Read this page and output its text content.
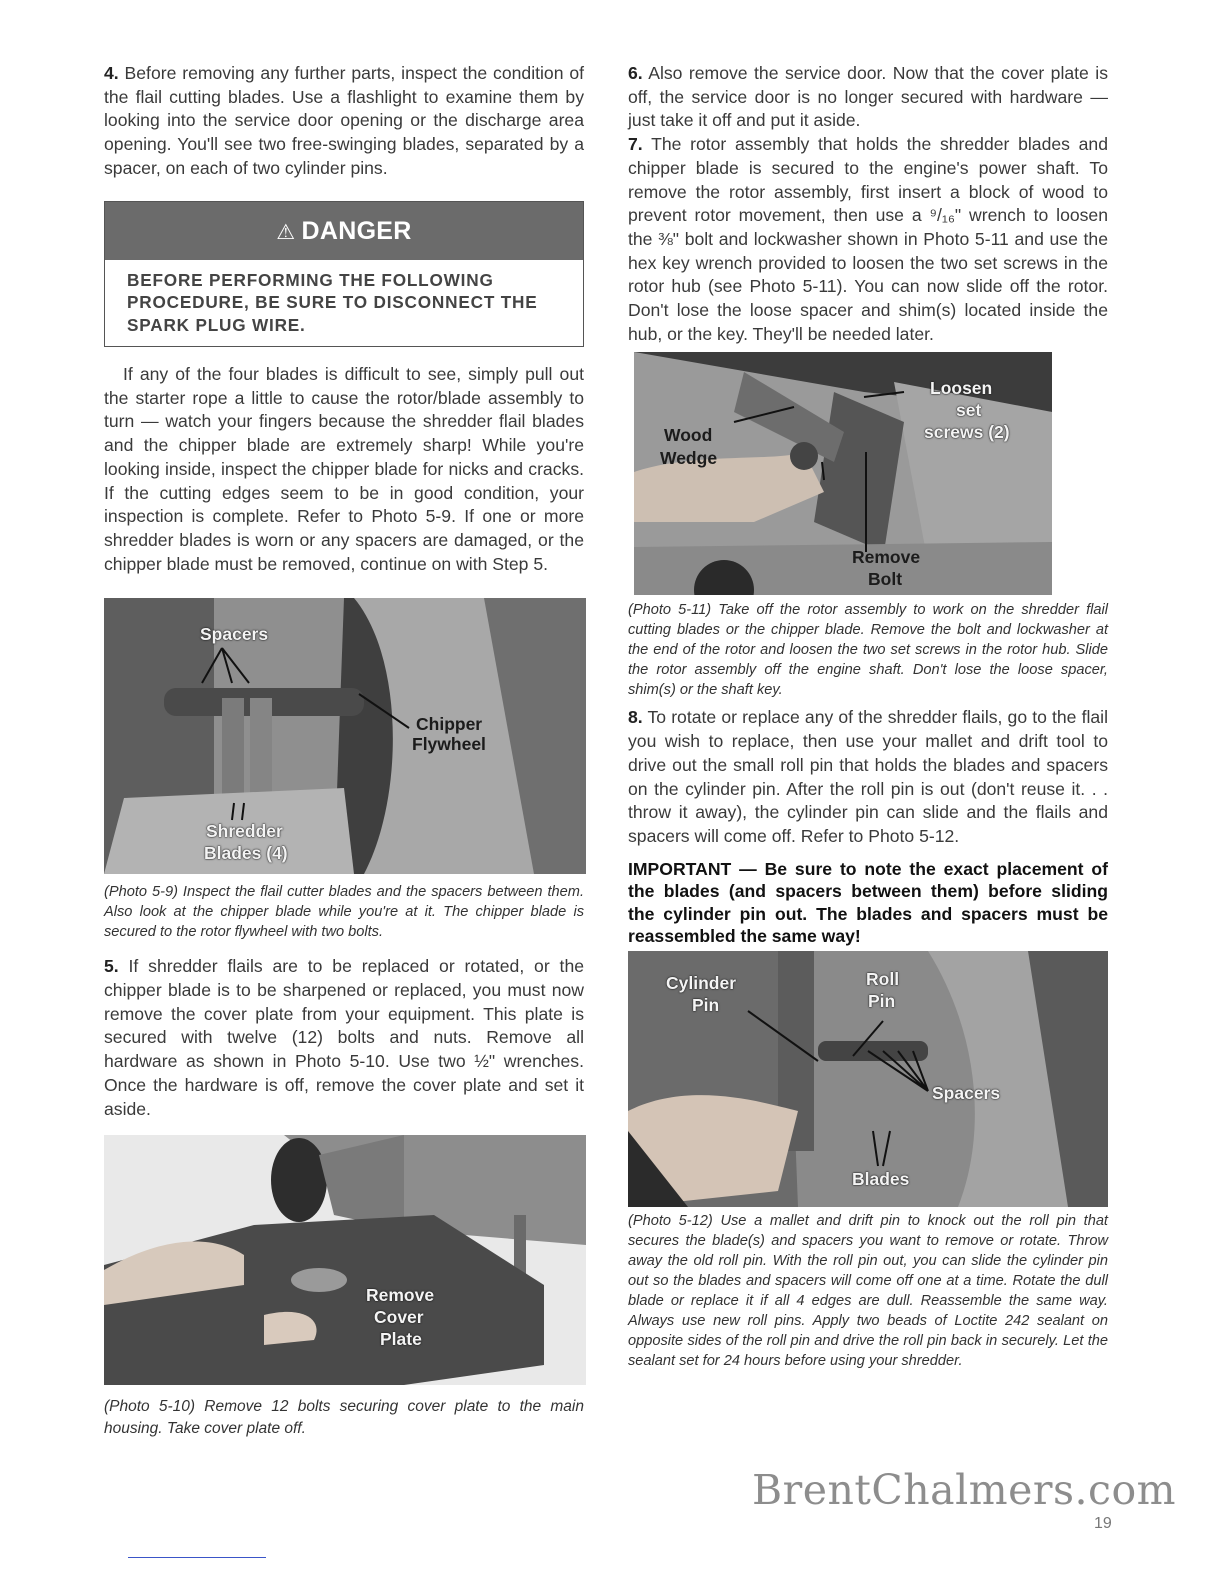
4. Before removing any further parts, inspect the condition of the flail cutting blades. Use a flashlight to examine them by looking into the service door opening or the discharge area opening. You'll see two free-swinging blades, separated by a spacer, on each of two cylinder pins.

⚠ DANGER
BEFORE PERFORMING THE FOLLOWING PROCEDURE, BE SURE TO DISCONNECT THE SPARK PLUG WIRE.

If any of the four blades is difficult to see, simply pull out the starter rope a little to cause the rotor/blade assembly to turn — watch your fingers because the shredder flail blades and the chipper blade are extremely sharp! While you're looking inside, inspect the chipper blade for nicks and cracks. If the cutting edges seem to be in good condition, your inspection is complete. Refer to Photo 5-9. If one or more shredder blades is worn or any spacers are damaged, or the chipper blade must be removed, continue on with Step 5.

Spacers
Chipper
Flywheel
Shredder
Blades (4)
(Photo 5-9) Inspect the flail cutter blades and the spacers between them. Also look at the chipper blade while you're at it. The chipper blade is secured to the rotor flywheel with two bolts.

5. If shredder flails are to be replaced or rotated, or the chipper blade is to be sharpened or replaced, you must now remove the cover plate from your equipment. This plate is secured with twelve (12) bolts and nuts. Remove all hardware as shown in Photo 5-10. Use two ½" wrenches. Once the hardware is off, remove the cover plate and set it aside.

Remove
Cover
Plate
(Photo 5-10) Remove 12 bolts securing cover plate to the main housing. Take cover plate off.

6. Also remove the service door. Now that the cover plate is off, the service door is no longer secured with hardware — just take it off and put it aside.

7. The rotor assembly that holds the shredder blades and chipper blade is secured to the engine's power shaft. To remove the rotor assembly, first insert a block of wood to prevent rotor movement, then use a ⁹/₁₆" wrench to loosen the ⅜" bolt and lockwasher shown in Photo 5-11 and use the hex key wrench provided to loosen the two set screws in the rotor hub (see Photo 5-11). You can now slide off the rotor. Don't lose the loose spacer and shim(s) located inside the hub, or the key. They'll be needed later.

Loosen
set
screws (2)
Wood
Wedge
Remove
Bolt
(Photo 5-11) Take off the rotor assembly to work on the shredder flail cutting blades or the chipper blade. Remove the bolt and lockwasher at the end of the rotor and loosen the two set screws in the rotor hub. Slide the rotor assembly off the engine shaft. Don't lose the loose spacer, shim(s) or the shaft key.

8. To rotate or replace any of the shredder flails, go to the flail you wish to replace, then use your mallet and drift tool to drive out the small roll pin that holds the blades and spacers on the cylinder pin. After the roll pin is out (don't reuse it. . . throw it away), the cylinder pin can slide and the flails and spacers will come off. Refer to Photo 5-12.

IMPORTANT — Be sure to note the exact placement of the blades (and spacers between them) before sliding the cylinder pin out. The blades and spacers must be reassembled the same way!

Cylinder
Pin
Roll
Pin
Spacers
Blades
(Photo 5-12) Use a mallet and drift pin to knock out the roll pin that secures the blade(s) and spacers you want to remove or rotate. Throw away the old roll pin. With the roll pin out, you can slide the cylinder pin out so the blades and spacers will come off one at a time. Rotate the dull blade or replace it if all 4 edges are dull. Reassemble the same way. Always use new roll pins. Apply two beads of Loctite 242 sealant on opposite sides of the roll pin and drive the roll pin back in securely. Let the sealant set for 24 hours before using your shredder.
BrentChalmers.com
19
